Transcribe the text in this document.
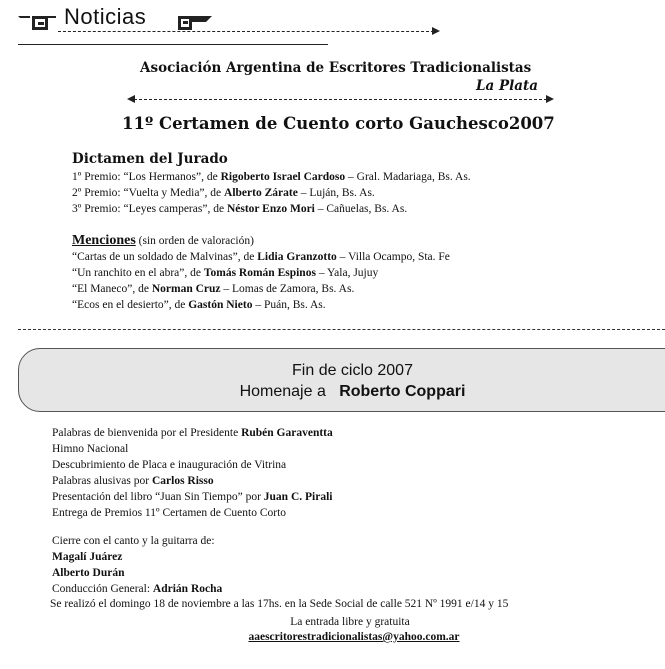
Noticias
Asociación Argentina de Escritores Tradicionalistas
La Plata
11º Certamen de Cuento corto Gauchesco2007
Dictamen del Jurado
1º Premio: “Los Hermanos”, de Rigoberto Israel Cardoso – Gral. Madariaga, Bs. As.
2º Premio: “Vuelta y Media”, de Alberto Zárate – Luján, Bs. As.
3º Premio: “Leyes camperas”, de Néstor Enzo Mori – Cañuelas, Bs. As.
Menciones (sin orden de valoración)
“Cartas de un soldado de Malvinas”, de Lidia Granzotto – Villa Ocampo, Sta. Fe
“Un ranchito en el abra”, de Tomás Román Espinos – Yala, Jujuy
“El Maneco”, de Norman Cruz – Lomas de Zamora, Bs. As.
“Ecos en el desierto”, de Gastón Nieto – Puán, Bs. As.
Fin de ciclo 2007
Homenaje a Roberto Coppari
Palabras de bienvenida por el Presidente Rubén Garaventta
Himno Nacional
Descubrimiento de Placa e inauguración de Vitrina
Palabras alusivas por Carlos Risso
Presentación del libro “Juan Sin Tiempo” por Juan C. Pirali
Entrega de Premios 11º Certamen de Cuento Corto
Cierre con el canto y la guitarra de:
Magalí Juárez
Alberto Durán
Conducción General: Adrián Rocha
Se realizó el domingo 18 de noviembre a las 17hs. en la Sede Social de calle 521 Nº 1991 e/14 y 15
La entrada libre y gratuita
aaescritorestradicionalistas@yahoo.com.ar
